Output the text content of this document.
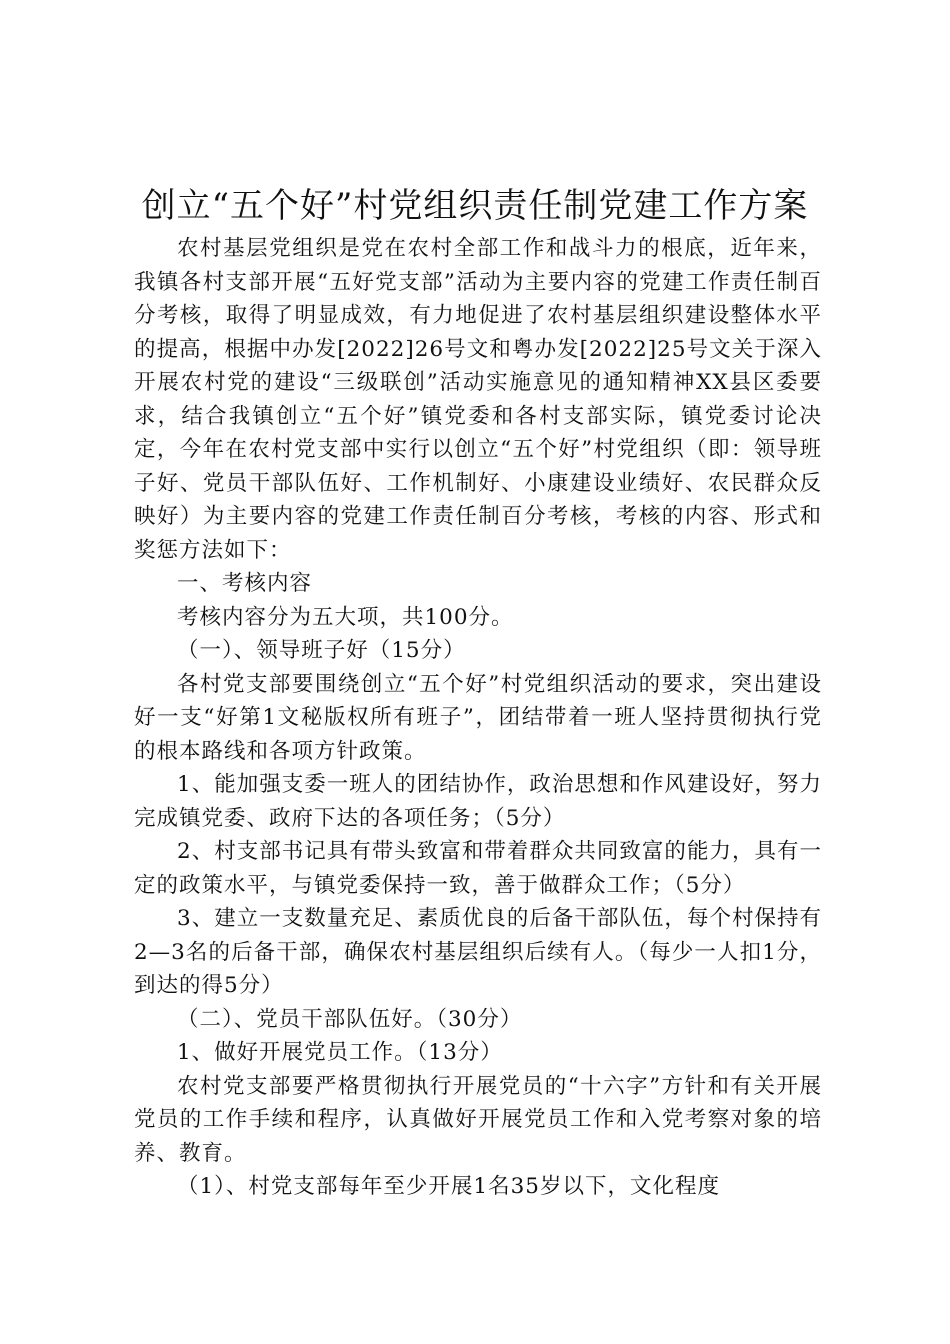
创立“五个好”村党组织责任制党建工作方案

农村基层党组织是党在农村全部工作和战斗力的根底，近年来，我镇各村支部开展“五好党支部”活动为主要内容的党建工作责任制百分考核，取得了明显成效，有力地促进了农村基层组织建设整体水平的提高，根据中办发[2022]26号文和粤办发[2022]25号文关于深入开展农村党的建设“三级联创”活动实施意见的通知精神XX县区委要求，结合我镇创立“五个好”镇党委和各村支部实际，镇党委讨论决定，今年在农村党支部中实行以创立“五个好”村党组织（即：领导班子好、党员干部队伍好、工作机制好、小康建设业绩好、农民群众反映好）为主要内容的党建工作责任制百分考核，考核的内容、形式和奖惩方法如下：

一、考核内容

考核内容分为五大项，共100分。

（一）、领导班子好（15分）

各村党支部要围绕创立“五个好”村党组织活动的要求，突出建设好一支“好第1文秘版权所有班子”，团结带着一班人坚持贯彻执行党的根本路线和各项方针政策。

1、能加强支委一班人的团结协作，政治思想和作风建设好，努力完成镇党委、政府下达的各项任务；（5分）

2、村支部书记具有带头致富和带着群众共同致富的能力，具有一定的政策水平，与镇党委保持一致，善于做群众工作；（5分）

3、建立一支数量充足、素质优良的后备干部队伍，每个村保持有2—3名的后备干部，确保农村基层组织后续有人。（每少一人扣1分，到达的得5分）

（二）、党员干部队伍好。（30分）

1、做好开展党员工作。（13分）

农村党支部要严格贯彻执行开展党员的“十六字”方针和有关开展党员的工作手续和程序，认真做好开展党员工作和入党考察对象的培养、教育。

（1）、村党支部每年至少开展1名35岁以下，文化程度
